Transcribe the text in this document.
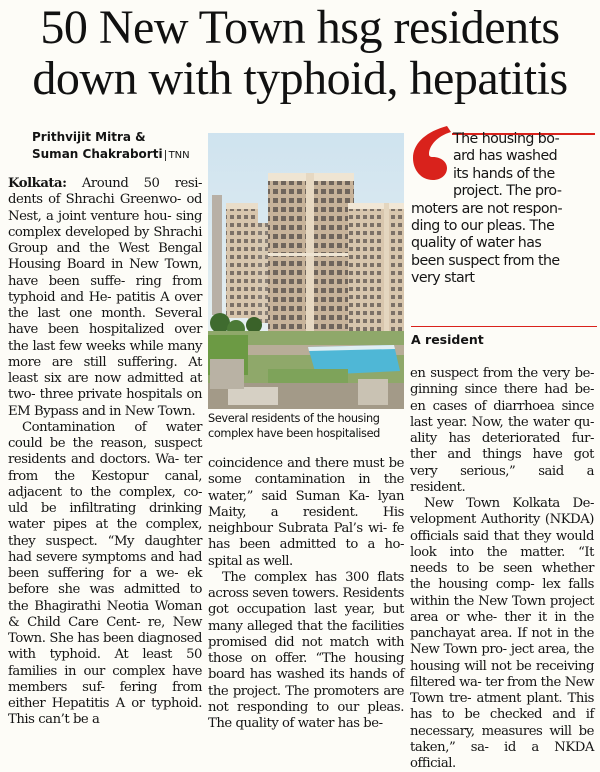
50 New Town hsg residents
down with typhoid, hepatitis
Prithvijit Mitra &
Suman Chakraborti TNN

Kolkata: Around 50 resi- dents of Shrachi Greenwo- od Nest, a joint venture hou- sing complex developed by Shrachi Group and the West Bengal Housing Board in New Town, have been suffe- ring from typhoid and He- patitis A over the last one month. Several have been hospitalized over the last few weeks while many more are still suffering. At least six are now admitted at two- three private hospitals on EM Bypass and in New Town.

Contamination of water could be the reason, suspect residents and doctors. Wa- ter from the Kestopur canal, adjacent to the complex, co- uld be infiltrating drinking water pipes at the complex, they suspect. “My daughter had severe symptoms and had been suffering for a we- ek before she was admitted to the Bhagirathi Neotia Woman & Child Care Cent- re, New Town. She has been diagnosed with typhoid. At least 50 families in our complex have members suf- fering from either Hepatitis A or typhoid. This can’t be a

Several residents of the housing complex have been hospitalised

coincidence and there must be some contamination in the water,” said Suman Ka- lyan Maity, a resident. His neighbour Subrata Pal’s wi- fe has been admitted to a ho- spital as well.

The complex has 300 flats across seven towers. Residents got occupation last year, but many alleged that the facilities promised did not match with those on offer. “The housing board has washed its hands of the project. The promoters are not responding to our pleas. The quality of water has be-

The housing bo-
ard has washed
its hands of the
project. The pro-
moters are not respon-
ding to our pleas. The
quality of water has
been suspect from the
very start
A resident

en suspect from the very be- ginning since there had be- en cases of diarrhoea since last year. Now, the water qu- ality has deteriorated fur- ther and things have got very serious,” said a resident.

New Town Kolkata De- velopment Authority (NKDA) officials said that they would look into the matter. “It needs to be seen whether the housing comp- lex falls within the New Town project area or whe- ther it in the panchayat area. If not in the New Town pro- ject area, the housing will not be receiving filtered wa- ter from the New Town tre- atment plant. This has to be checked and if necessary, measures will be taken,” sa- id a NKDA official.
